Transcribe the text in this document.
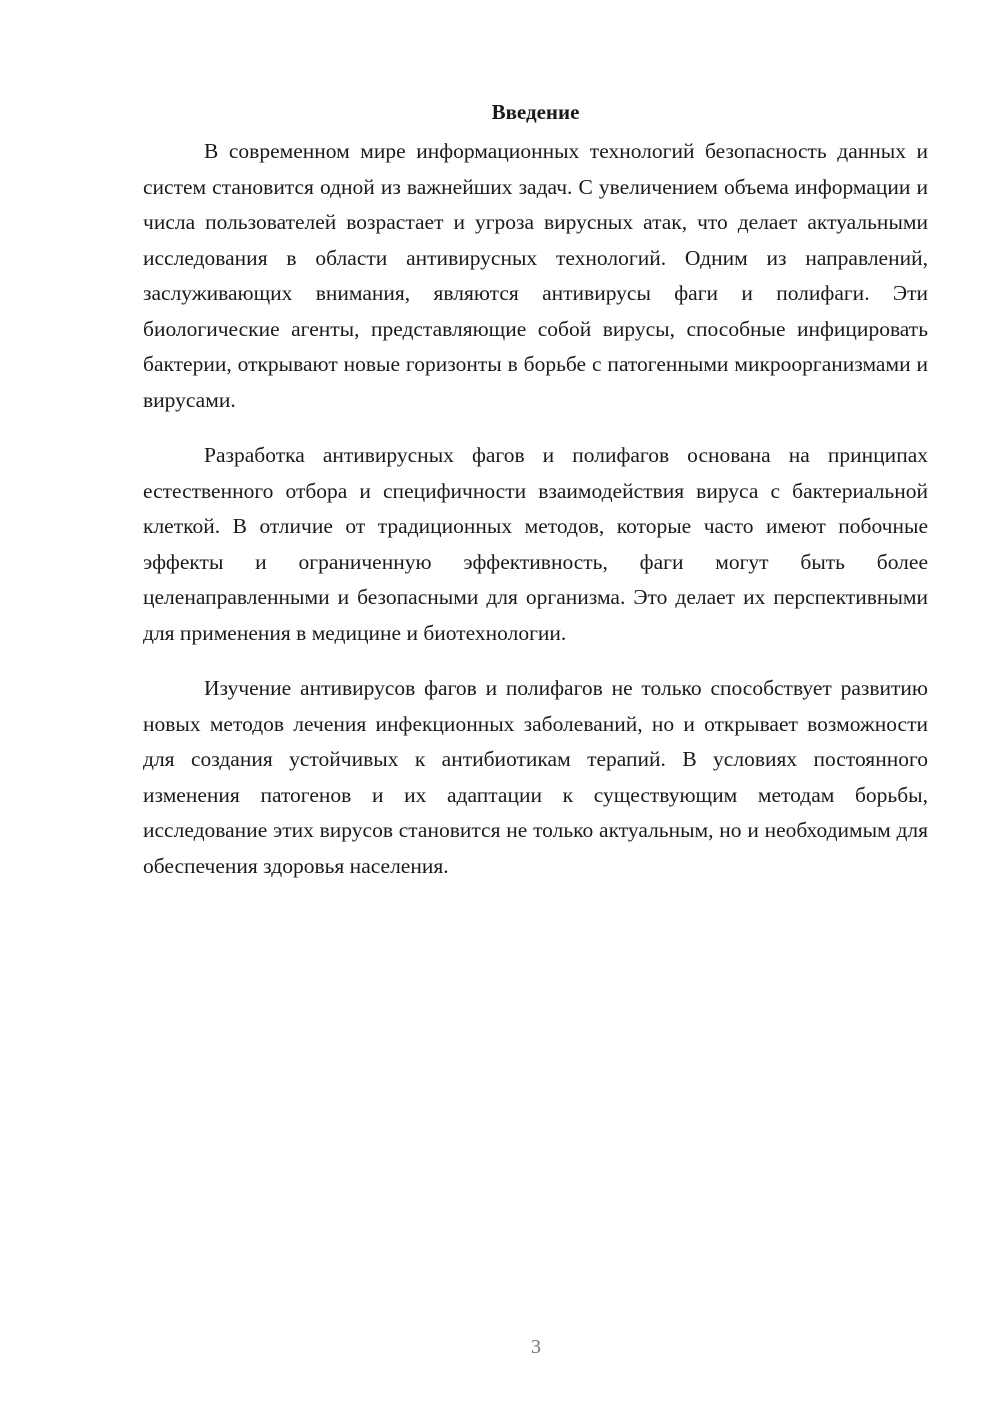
Введение

В современном мире информационных технологий безопасность данных и систем становится одной из важнейших задач. С увеличением объема информации и числа пользователей возрастает и угроза вирусных атак, что делает актуальными исследования в области антивирусных технологий. Одним из направлений, заслуживающих внимания, являются антивирусы фаги и полифаги. Эти биологические агенты, представляющие собой вирусы, способные инфицировать бактерии, открывают новые горизонты в борьбе с патогенными микроорганизмами и вирусами.

Разработка антивирусных фагов и полифагов основана на принципах естественного отбора и специфичности взаимодействия вируса с бактериальной клеткой. В отличие от традиционных методов, которые часто имеют побочные эффекты и ограниченную эффективность, фаги могут быть более целенаправленными и безопасными для организма. Это делает их перспективными для применения в медицине и биотехнологии.

Изучение антивирусов фагов и полифагов не только способствует развитию новых методов лечения инфекционных заболеваний, но и открывает возможности для создания устойчивых к антибиотикам терапий. В условиях постоянного изменения патогенов и их адаптации к существующим методам борьбы, исследование этих вирусов становится не только актуальным, но и необходимым для обеспечения здоровья населения.

3
